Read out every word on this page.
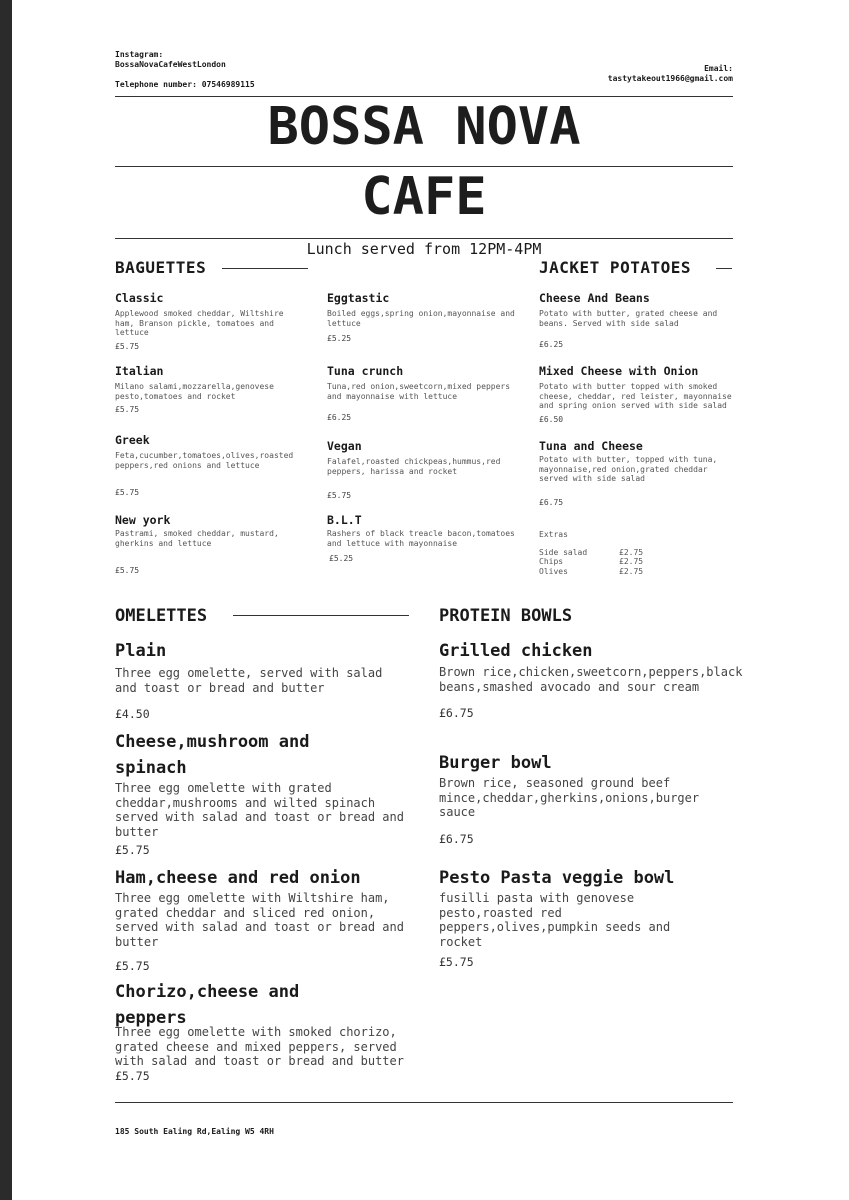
Instagram:
BossaNovaCafeWestLondon
Telephone number: 07546989115
Email:
tastytakeout1966@gmail.com
BOSSA NOVA
CAFE
Lunch served from 12PM-4PM
BAGUETTES
Classic
Applewood smoked cheddar, Wiltshire ham, Branson pickle, tomatoes and lettuce
£5.75
Italian
Milano salami,mozzarella,genovese pesto,tomatoes and rocket
£5.75
Greek
Feta,cucumber,tomatoes,olives,roasted peppers,red onions and lettuce
£5.75
New york
Pastrami, smoked cheddar, mustard, gherkins and lettuce
£5.75
Eggtastic
Boiled eggs,spring onion,mayonnaise and lettuce
£5.25
Tuna crunch
Tuna,red onion,sweetcorn,mixed peppers and mayonnaise with lettuce
£6.25
Vegan
Falafel,roasted chickpeas,hummus,red peppers, harissa and rocket
£5.75
B.L.T
Rashers of black treacle bacon,tomatoes and lettuce with mayonnaise
£5.25
JACKET POTATOES
Cheese And Beans
Potato with butter, grated cheese and beans. Served with side salad
£6.25
Mixed Cheese with Onion
Potato with butter topped with smoked cheese, cheddar, red leister, mayonnaise and spring onion served with side salad
£6.50
Tuna and Cheese
Potato with butter, topped with tuna, mayonnaise,red onion,grated cheddar served with side salad
£6.75
Extras
Side salad	£2.75
Chips	£2.75
Olives	£2.75
OMELETTES
Plain
Three egg omelette, served with salad and toast or bread and butter
£4.50
Cheese,mushroom and spinach
Three egg omelette with grated cheddar,mushrooms and wilted spinach served with salad and toast or bread and butter
£5.75
Ham,cheese and red onion
Three egg omelette with Wiltshire ham, grated cheddar and sliced red onion, served with salad and toast or bread and butter
£5.75
Chorizo,cheese and peppers
Three egg omelette with smoked chorizo, grated cheese and mixed peppers, served with salad and toast or bread and butter
£5.75
PROTEIN BOWLS
Grilled chicken
Brown rice,chicken,sweetcorn,peppers,black beans,smashed avocado and sour cream
£6.75
Burger bowl
Brown rice, seasoned ground beef mince,cheddar,gherkins,onions,burger sauce
£6.75
Pesto Pasta veggie bowl
fusilli pasta with genovese pesto,roasted red peppers,olives,pumpkin seeds and rocket
£5.75
185 South Ealing Rd,Ealing W5 4RH
